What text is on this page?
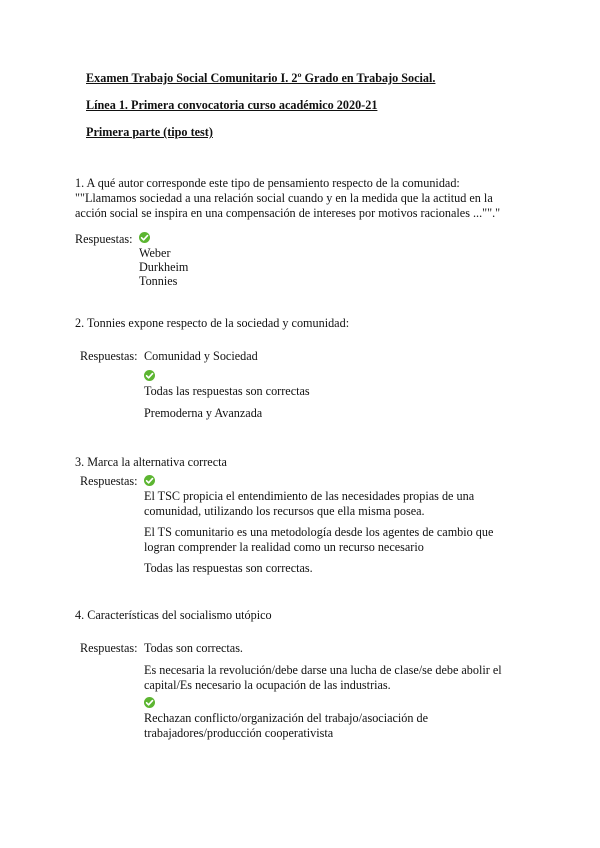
Examen Trabajo Social Comunitario I. 2º Grado en Trabajo Social.
Línea 1. Primera convocatoria curso académico 2020-21
Primera parte (tipo test)
1. A qué autor corresponde este tipo de pensamiento respecto de la comunidad:
""Llamamos sociedad a una relación social cuando y en la medida que la actitud en la
acción social se inspira en una compensación de intereses por motivos racionales ...""."
Respuestas:
Weber
Durkheim
Tonnies
2. Tonnies expone respecto de la sociedad y comunidad:
Respuestas: Comunidad y Sociedad
Todas las respuestas son correctas
Premoderna y Avanzada
3. Marca la alternativa correcta
Respuestas:
El TSC propicia el entendimiento de las necesidades propias de una
comunidad, utilizando los recursos que ella misma posea.
El TS comunitario es una metodología desde los agentes de cambio que
logran comprender la realidad como un recurso necesario
Todas las respuestas son correctas.
4. Características del socialismo utópico
Respuestas: Todas son correctas.
Es necesaria la revolución/debe darse una lucha de clase/se debe abolir el
capital/Es necesario la ocupación de las industrias.
Rechazan conflicto/organización del trabajo/asociación de
trabajadores/producción cooperativista
